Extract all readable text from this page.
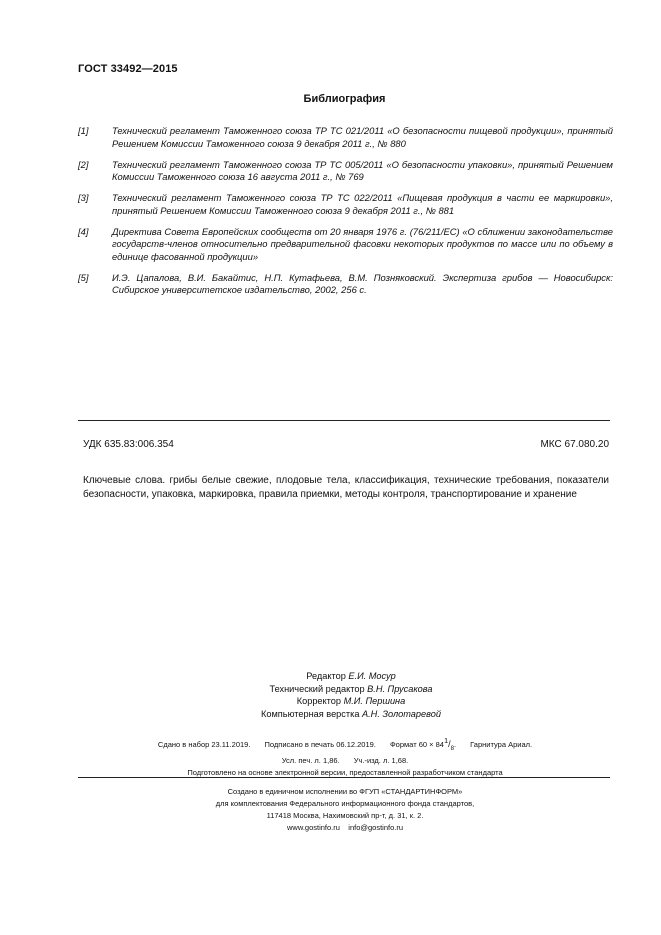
ГОСТ 33492—2015
Библиография
[1]	Технический регламент Таможенного союза ТР ТС 021/2011 «О безопасности пищевой продукции», принятый Решением Комиссии Таможенного союза 9 декабря 2011 г., № 880
[2]	Технический регламент Таможенного союза ТР ТС 005/2011 «О безопасности упаковки», принятый Решением Комиссии Таможенного союза 16 августа 2011 г., № 769
[3]	Технический регламент Таможенного союза ТР ТС 022/2011 «Пищевая продукция в части ее маркировки», принятый Решением Комиссии Таможенного союза 9 декабря 2011 г., № 881
[4]	Директива Совета Европейских сообществ от 20 января 1976 г. (76/211/ЕС) «О сближении законодательстве государств-членов относительно предварительной фасовки некоторых продуктов по массе или по объему в единице фасованной продукции»
[5]	И.Э. Цапалова, В.И. Бакайтис, Н.П. Кутафьева, В.М. Позняковский. Экспертиза грибов — Новосибирск: Сибирское университетское издательство, 2002, 256 с.
УДК 635.83:006.354	МКС 67.080.20
Ключевые слова. грибы белые свежие, плодовые тела, классификация, технические требования, показатели безопасности, упаковка, маркировка, правила приемки, методы контроля, транспортирование и хранение
Редактор Е.И. Мосур
Технический редактор В.Н. Прусакова
Корректор М.И. Першина
Компьютерная верстка А.Н. Золотаревой
Сдано в набор 23.11.2019. Подписано в печать 06.12.2019. Формат $60 \times 84^1/_8$. Гарнитура Ариал.
Усл. печ. л. 1,86. Уч.-изд. л. 1,68.
Подготовлено на основе электронной версии, предоставленной разработчиком стандарта
Создано в единичном исполнении во ФГУП «СТАНДАРТИНФОРМ»
для комплектования Федерального информационного фонда стандартов,
117418 Москва, Нахимовский пр-т, д. 31, к. 2.
www.gostinfo.ru info@gostinfo.ru
